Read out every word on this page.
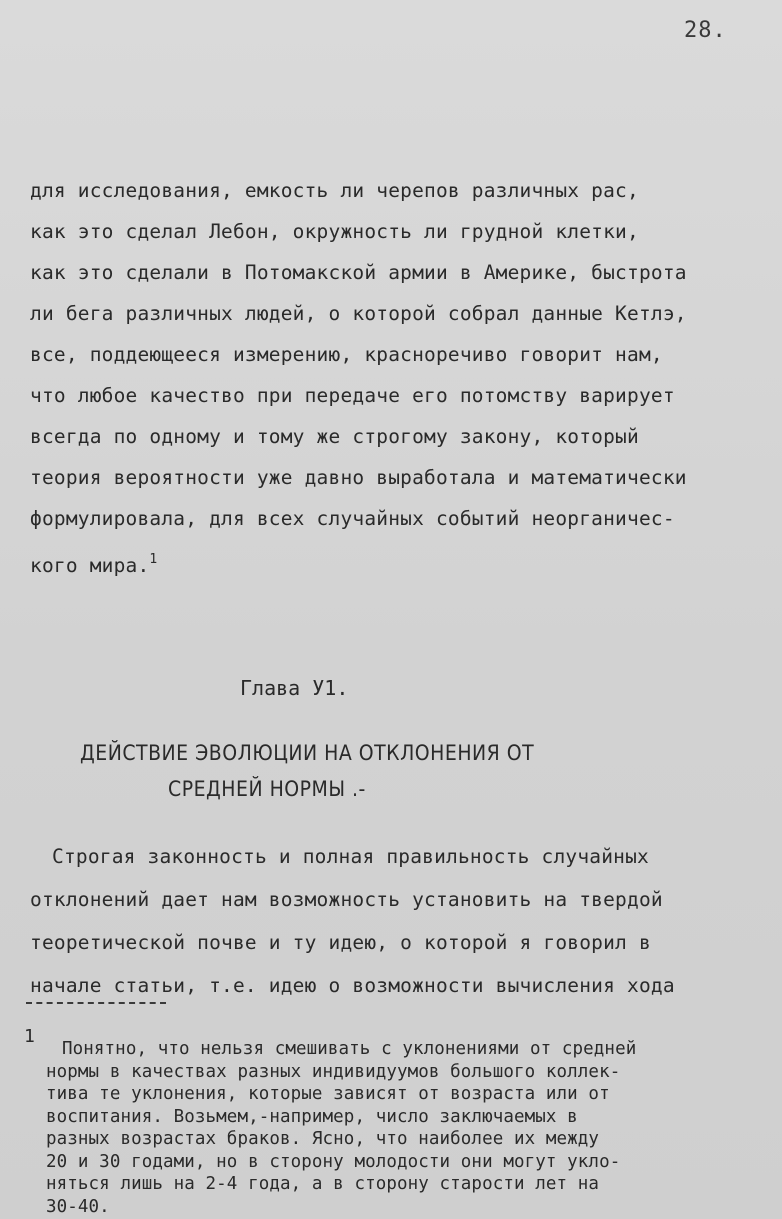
28.
для исследования, емкость ли черепов различных рас,
как это сделал Лебон, окружность ли грудной клетки,
как это сделали в Потомакской армии в Америке, быстрота
ли бега различных людей, о которой собрал данные Кетлэ,
все, поддеющееся измерению, красноречиво говорит нам,
что любое качество при передаче его потомству варирует
всегда по одному и тому же строгому закону, который
теория вероятности уже давно выработала и математически
формулировала, для всех случайных событий неорганичес-
кого мира.$^1$
Глава У1.
ДЕЙСТВИЕ ЭВОЛЮЦИИ НА ОТКЛОНЕНИЯ ОТ
СРЕДНЕЙ НОРМЫ .-
Строгая законность и полная правильность случайных
отклонений дает нам возможность установить на твердой
теоретической почве и ту идею, о которой я говорил в
начале статьи, т.е. идею о возможности вычисления хода
1
Понятно, что нельзя смешивать с уклонениями от средней
нормы в качествах разных индивидуумов большого коллек-
тива те уклонения, которые зависят от возраста или от
воспитания. Возьмем,-например, число заключаемых в
разных возрастах браков. Ясно, что наиболее их между
20 и 30 годами, но в сторону молодости они могут укло-
няться лишь на 2-4 года, а в сторону старости лет на
30-40.
